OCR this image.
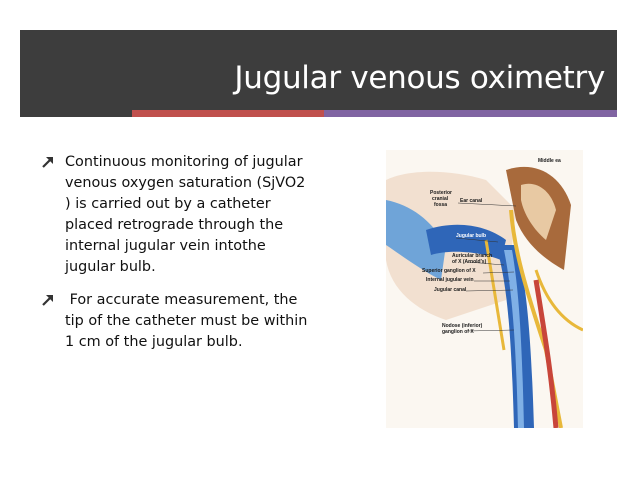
Jugular venous oximetry
Continuous monitoring of jugular venous oxygen saturation (SjVO2 ) is carried out by a catheter placed retrograde through the internal jugular vein intothe jugular bulb.
For accurate measurement, the tip of the catheter must be within 1 cm of the jugular bulb.
Middle ea
Posterior
cranial
fossa
Ear canal
Jugular bulb
Auricular branch
of X (Arnold's)
Superior ganglion of X
Internal jugular vein
Jugular canal
Nodose (inferior)
ganglion of X
